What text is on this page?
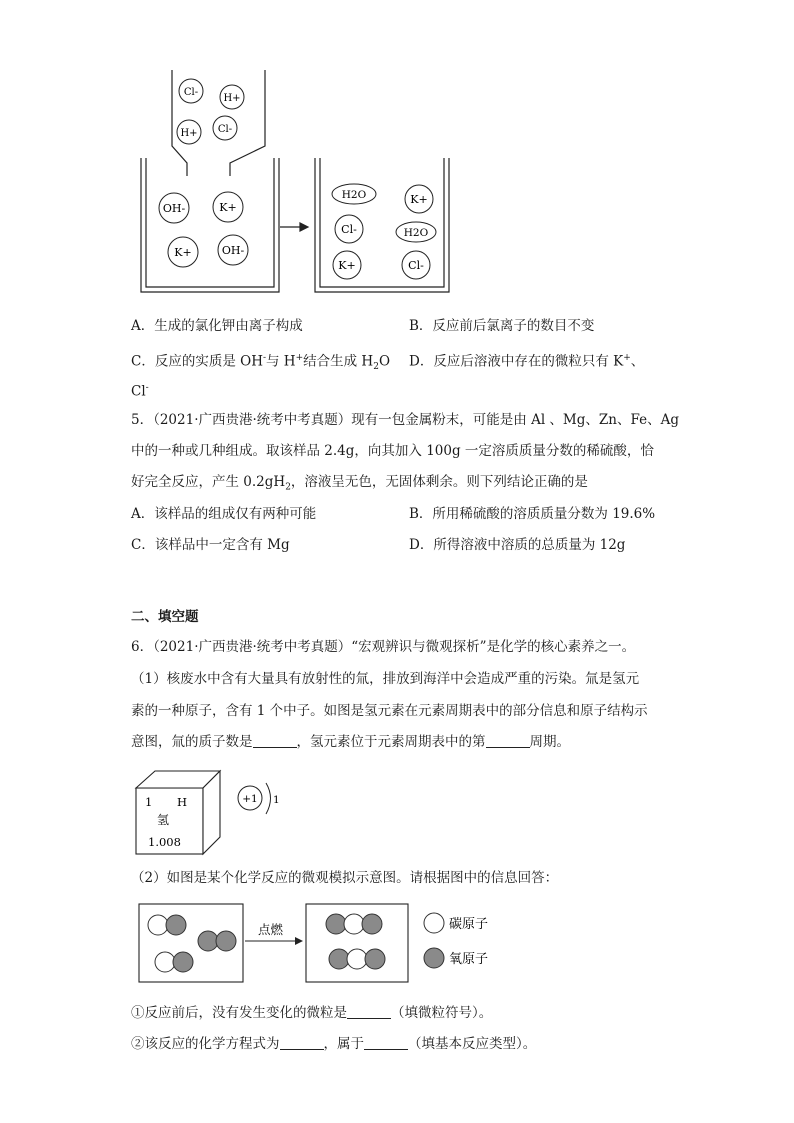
Cl-
H+
H+ Cl-
OH-	K+
K+	OH-
H2O	K+
Cl-	H2O
K+	Cl-
A．生成的氯化钾由离子构成	B．反应前后氯离子的数目不变
C．反应的实质是 OH-与 H+结合生成 $H_2O$ D．反应后溶液中存在的微粒只有 K+、
Cl-
5．（2021·广西贵港·统考中考真题）现有一包金属粉末，可能是由 Al 、Mg、Zn、Fe、Ag
中的一种或几种组成。取该样品 2.4g，向其加入 100g 一定溶质质量分数的稀硫酸，恰
好完全反应，产生 $0.2gH_2$，溶液呈无色，无固体剩余。则下列结论正确的是
A．该样品的组成仅有两种可能	B．所用稀硫酸的溶质质量分数为 19.6%
C．该样品中一定含有 Mg	D．所得溶液中溶质的总质量为 12g
二、填空题
6．（2021·广西贵港·统考中考真题）“宏观辨识与微观探析”是化学的核心素养之一。
（1）核废水中含有大量具有放射性的氚，排放到海洋中会造成严重的污染。氚是氢元
素的一种原子，含有 1 个中子。如图是氢元素在元素周期表中的部分信息和原子结构示
意图，氚的质子数是	，氢元素位于元素周期表中的第	周期。
1 H
氢
1.008
+1 1
（2）如图是某个化学反应的微观模拟示意图。请根据图中的信息回答：
点燃	碳原子
氧原子
①反应前后，没有发生变化的微粒是	（填微粒符号）。
②该反应的化学方程式为	，属于	（填基本反应类型）。
